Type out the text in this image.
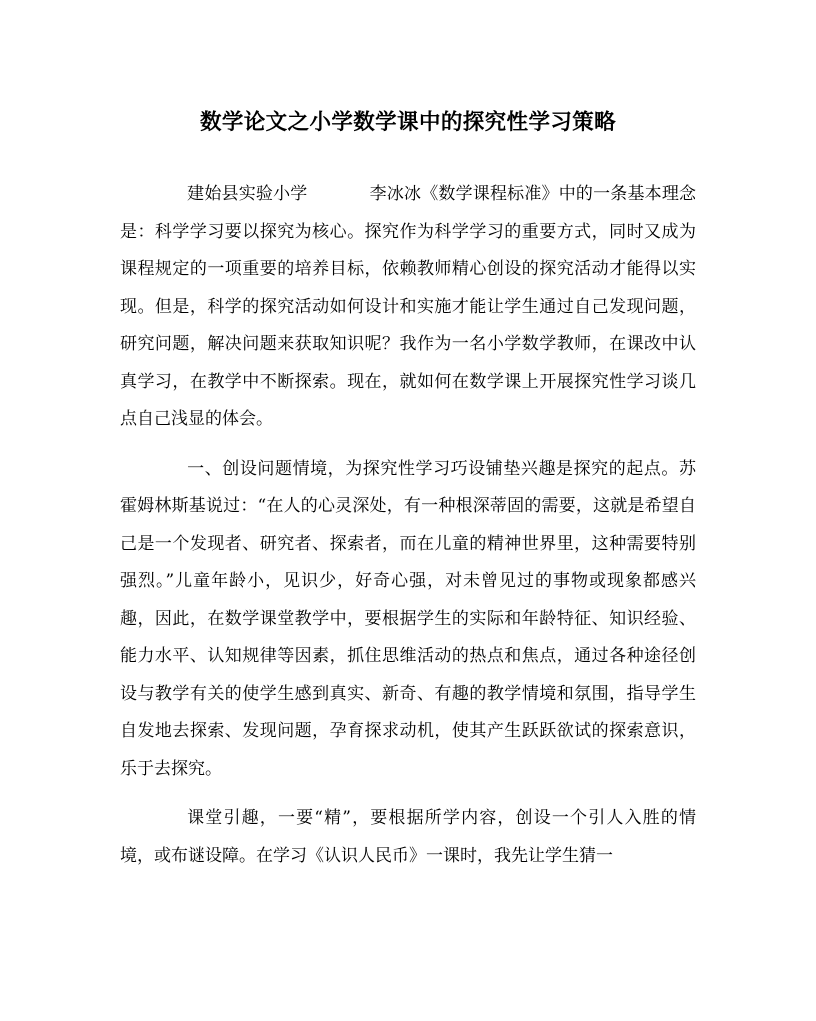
数学论文之小学数学课中的探究性学习策略

建始县实验小学	李冰冰《数学课程标准》中的一条基本理念是：科学学习要以探究为核心。探究作为科学学习的重要方式，同时又成为课程规定的一项重要的培养目标，依赖教师精心创设的探究活动才能得以实现。但是，科学的探究活动如何设计和实施才能让学生通过自己发现问题，研究问题，解决问题来获取知识呢？我作为一名小学数学教师，在课改中认真学习，在教学中不断探索。现在，就如何在数学课上开展探究性学习谈几点自己浅显的体会。

一、创设问题情境，为探究性学习巧设铺垫兴趣是探究的起点。苏霍姆林斯基说过：“在人的心灵深处，有一种根深蒂固的需要，这就是希望自己是一个发现者、研究者、探索者，而在儿童的精神世界里，这种需要特别强烈。”儿童年龄小，见识少，好奇心强，对未曾见过的事物或现象都感兴趣，因此，在数学课堂教学中，要根据学生的实际和年龄特征、知识经验、能力水平、认知规律等因素，抓住思维活动的热点和焦点，通过各种途径创设与教学有关的使学生感到真实、新奇、有趣的教学情境和氛围，指导学生自发地去探索、发现问题，孕育探求动机，使其产生跃跃欲试的探索意识，乐于去探究。

课堂引趣，一要“精”，要根据所学内容，创设一个引人入胜的情境，或布谜设障。在学习《认识人民币》一课时，我先让学生猜一
